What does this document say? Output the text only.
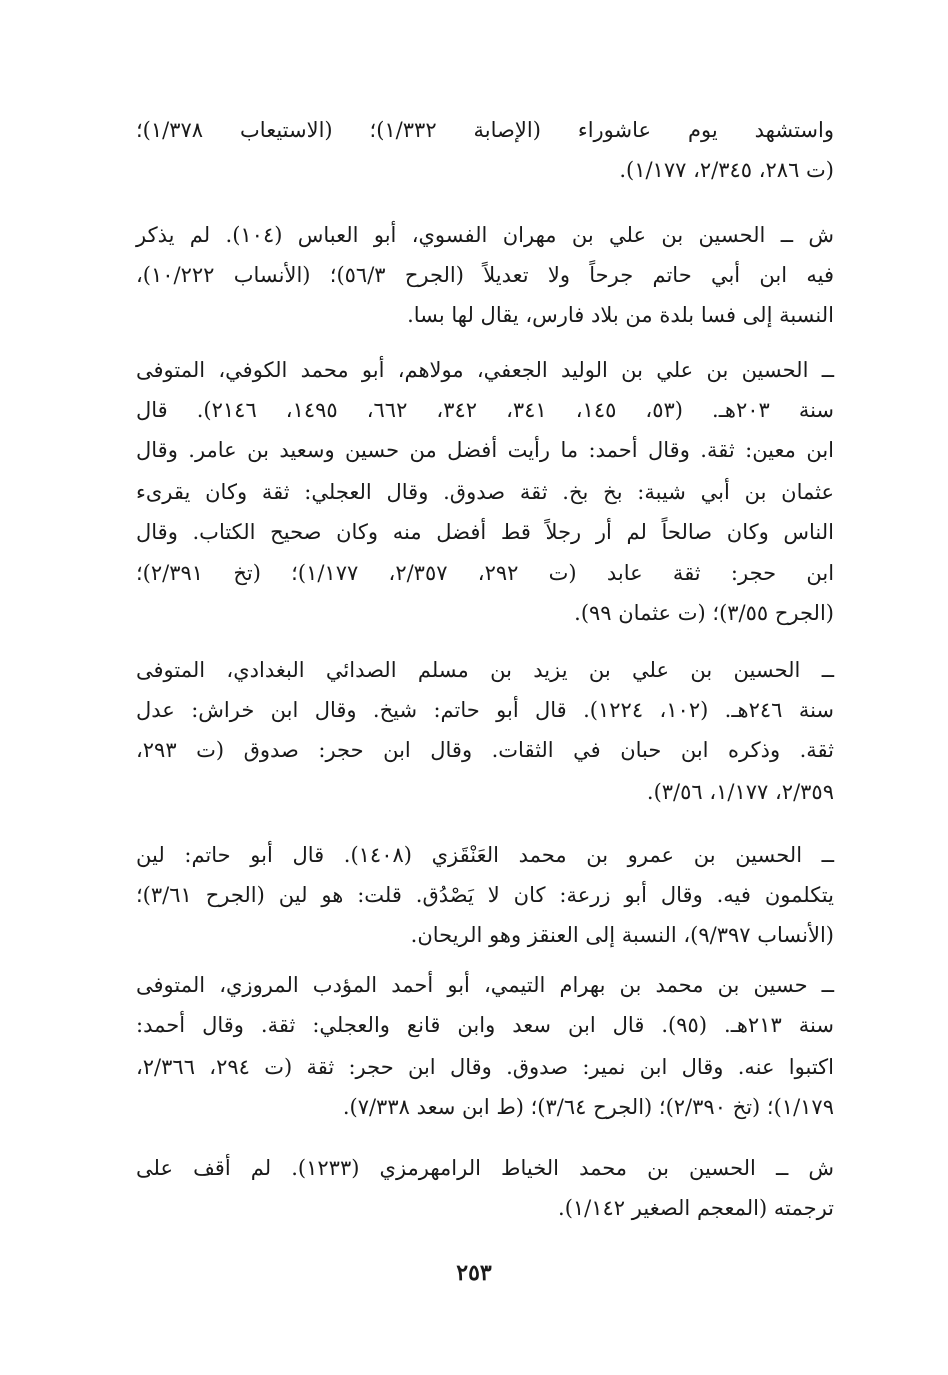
واستشهد يوم عاشوراء (الإصابة ١/٣٣٢)؛ (الاستيعاب ١/٣٧٨)؛
(ت ٢٨٦، ٢/٣٤٥، ١/١٧٧).
ش ــ الحسين بن علي بن مهران الفسوي، أبو العباس (١٠٤). لم يذكر
فيه ابن أبي حاتم جرحاً ولا تعديلاً (الجرح ٥٦/٣)؛ (الأنساب ١٠/٢٢٢)،
النسبة إلى فسا بلدة من بلاد فارس، يقال لها بسا.
ــ الحسين بن علي بن الوليد الجعفي، مولاهم، أبو محمد الكوفي، المتوفى
سنة ٢٠٣هـ. (٥٣، ١٤٥، ٣٤١، ٣٤٢، ٦٦٢، ١٤٩٥، ٢١٤٦). قال
ابن معين: ثقة. وقال أحمد: ما رأيت أفضل من حسين وسعيد بن عامر. وقال
عثمان بن أبي شيبة: بخ بخ. ثقة صدوق. وقال العجلي: ثقة وكان يقرىء
الناس وكان صالحاً لم أر رجلاً قط أفضل منه وكان صحيح الكتاب. وقال
ابن حجر: ثقة عابد (ت ٢٩٢، ٢/٣٥٧، ١/١٧٧)؛ (تخ ٢/٣٩١)؛
(الجرح ٣/٥٥)؛ (ت عثمان ٩٩).
ــ الحسين بن علي بن يزيد بن مسلم الصدائي البغدادي، المتوفى
سنة ٢٤٦هـ. (١٠٢، ١٢٢٤). قال أبو حاتم: شيخ. وقال ابن خراش: عدل
ثقة. وذكره ابن حبان في الثقات. وقال ابن حجر: صدوق (ت ٢٩٣،
٢/٣٥٩، ١/١٧٧، ٣/٥٦).
ــ الحسين بن عمرو بن محمد العَنْقَزي (١٤٠٨). قال أبو حاتم: لين
يتكلمون فيه. وقال أبو زرعة: كان لا يَصْدُق. قلت: هو لين (الجرح ٣/٦١)؛
(الأنساب ٩/٣٩٧)، النسبة إلى العنقز وهو الريحان.
ــ حسين بن محمد بن بهرام التيمي، أبو أحمد المؤدب المروزي، المتوفى
سنة ٢١٣هـ. (٩٥). قال ابن سعد وابن قانع والعجلي: ثقة. وقال أحمد:
اكتبوا عنه. وقال ابن نمير: صدوق. وقال ابن حجر: ثقة (ت ٢٩٤، ٢/٣٦٦،
١/١٧٩)؛ (تخ ٢/٣٩٠)؛ (الجرح ٣/٦٤)؛ (ط ابن سعد ٧/٣٣٨).
ش ــ الحسين بن محمد الخياط الرامهرمزي (١٢٣٣). لم أقف على
ترجمته (المعجم الصغير ١/١٤٢).
٢٥٣
